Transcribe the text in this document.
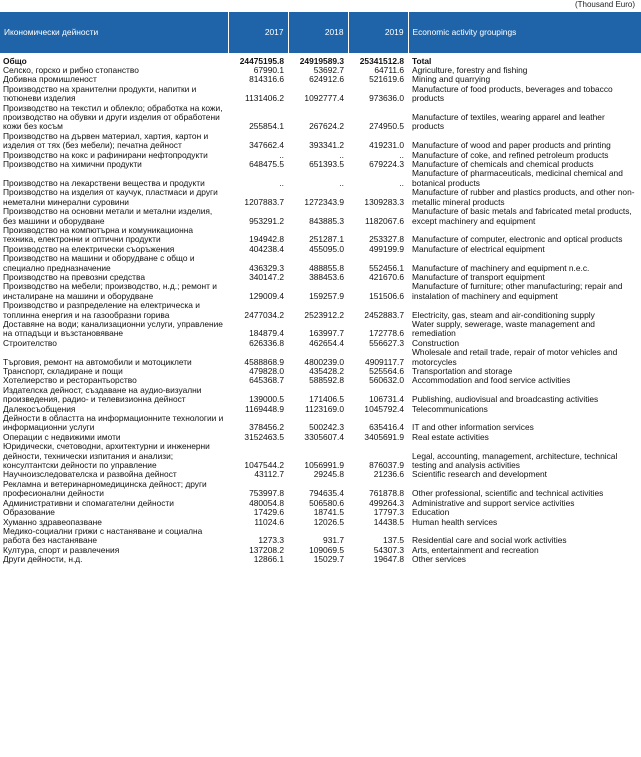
(Thousand Euro)
Икономически дейности	2017	2018	2019	Economic activity groupings
Общо	24475195.8	24919589.3	25341512.8	Total
Селско, горско и рибно стопанство	67990.1	53692.7	64711.6	Agriculture, forestry and fishing
Добивна промишленост	814316.6	624912.6	521619.6	Mining and quarrying
Производство на хранителни продукти, напитки и тютюневи изделия	1131406.2	1092777.4	973636.0	Manufacture of food products, beverages and tobacco products
Производство на текстил и облекло; обработка на кожи, производство на обувки и други изделия от обработени кожи без косъм	255854.1	267624.2	274950.5	Manufacture of textiles, wearing apparel and leather products
Производство на дървен материал, хартия, картон и изделия от тях (без мебели); печатна дейност	347662.4	393341.2	419231.0	Manufacture of wood and paper products and printing
Производство на кокс и рафинирани нефтопродукти	..	..	..	Manufacture of coke, and refined petroleum products
Производство на химични продукти	648475.5	651393.5	679224.3	Manufacture of chemicals and chemical products
Производство на лекарствени вещества и продукти	..	..	..	Manufacture of pharmaceuticals, medicinal chemical and botanical products
Производство на изделия от каучук, пластмаси и други неметални минерални суровини	1207883.7	1272343.9	1309283.3	Manufacture of rubber and plastics products, and other non-metallic mineral products
Производство на основни метали и метални изделия, без машини и оборудване	953291.2	843885.3	1182067.6	Manufacture of basic metals and fabricated metal products, except machinery and equipment
Производство на компютърна и комуникационна техника, електронни и оптични продукти	194942.8	251287.1	253327.8	Manufacture of computer, electronic and optical products
Производство на електрически съоръжения	404238.4	455095.0	499199.9	Manufacture of electrical equipment
Производство на машини и оборудване с общо и специално предназначение	436329.3	488855.8	552456.1	Manufacture of machinery and equipment n.e.c.
Производство на превозни средства	340147.2	388453.6	421670.6	Manufacture of transport equipment
Производство на мебели; производство, н.д.; ремонт и инсталиране на машини и оборудване	129009.4	159257.9	151506.6	Manufacture of furniture; other manufacturing; repair and instalation of machinery and equipment
Производство и разпределение на електрическа и топлинна енергия и на газообразни горива	2477034.2	2523912.2	2452883.7	Electricity, gas, steam and air-conditioning supply
Доставяне на води; канализационни услуги, управление на отпадъци и възстановяване	184879.4	163997.7	172778.6	Water supply, sewerage, waste management and remediation
Строителство	626336.8	462654.4	556627.3	Construction
Търговия, ремонт на автомобили и мотоциклети	4588868.9	4800239.0	4909117.7	Wholesale and retail trade, repair of motor vehicles and motorcycles
Транспорт, складиране и пощи	479828.0	435428.2	525564.6	Transportation and storage
Хотелиерство и ресторантьорство	645368.7	588592.8	560632.0	Accommodation and food service activities
Издателска дейност, създаване на аудио-визуални произведения, радио- и телевизионна дейност	139000.5	171406.5	106731.4	Publishing, audiovisual and broadcasting activities
Далекосъобщения	1169448.9	1123169.0	1045792.4	Telecommunications
Дейности в областта на информационните технологии и информационни услуги	378456.2	500242.3	635416.4	IT and other information services
Операции с недвижими имоти	3152463.5	3305607.4	3405691.9	Real estate activities
Юридически, счетоводни, архитектурни и инженерни дейности, технически изпитания и анализи; консултантски дейности по управление	1047544.2	1056991.9	876037.9	Legal, accounting, management, architecture, technical testing and analysis activities
Научноизследователска и развойна дейност	43112.7	29245.8	21236.6	Scientific research and development
Рекламна и ветеринарномедицинска дейност; други професионални дейности	753997.8	794635.4	761878.8	Other professional, scientific and technical activities
Административни и спомагателни дейности	480054.8	506580.6	499264.3	Administrative and support service activities
Образование	17429.6	18741.5	17797.3	Education
Хуманно здравеопазване	11024.6	12026.5	14438.5	Human health services
Медико-социални грижи с настаняване и социална работа без настаняване	1273.3	931.7	137.5	Residential care and social work activities
Култура, спорт и развлечения	137208.2	109069.5	54307.3	Arts, entertainment and recreation
Други дейности, н.д.	12866.1	15029.7	19647.8	Other services
